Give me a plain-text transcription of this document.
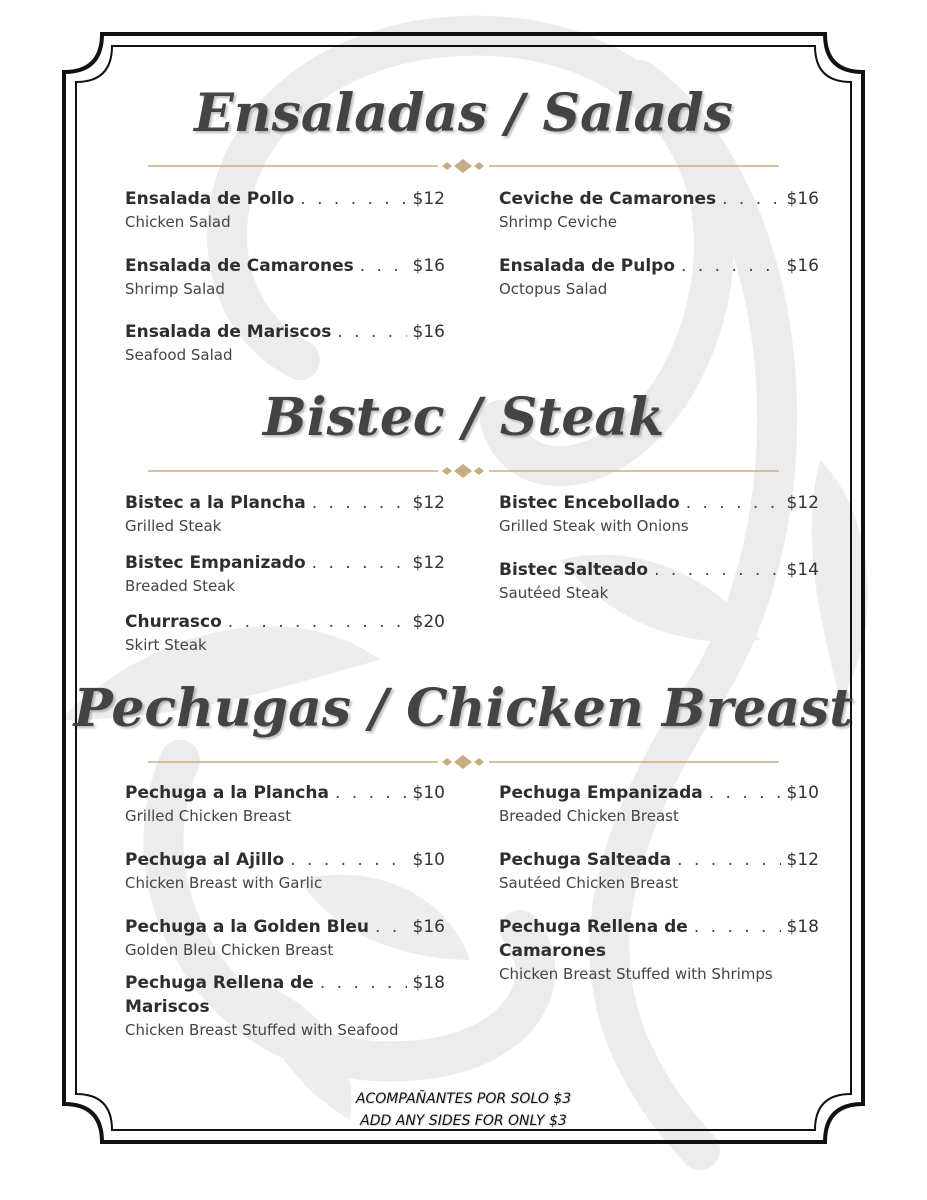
Ensaladas / Salads
Ensalada de Pollo . . .	$12
Chicken Salad
Ceviche de Camarones . . .	$16
Shrimp Ceviche
Ensalada de Camarones . . .	$16
Shrimp Salad
Ensalada de Pulpo . . .	$16
Octopus Salad
Ensalada de Mariscos . . .	$16
Seafood Salad
Bistec / Steak
Bistec a la Plancha . . .	$12
Grilled Steak
Bistec Encebollado . . .	$12
Grilled Steak with Onions
Bistec Empanizado . . .	$12
Breaded Steak
Bistec Salteado . . .	$14
Sautéed Steak
Churrasco . . .	$20
Skirt Steak
Pechugas / Chicken Breast
Pechuga a la Plancha . . .	$10
Grilled Chicken Breast
Pechuga Empanizada . . .	$10
Breaded Chicken Breast
Pechuga al Ajillo . . .	$10
Chicken Breast with Garlic
Pechuga Salteada . . .	$12
Sautéed Chicken Breast
Pechuga a la Golden Bleu . . .	$16
Golden Bleu Chicken Breast
Pechuga Rellena de . . .	$18
Camarones
Chicken Breast Stuffed with Shrimps
Pechuga Rellena de . . .	$18
Mariscos
Chicken Breast Stuffed with Seafood
ACOMPAÑANTES POR SOLO $3
ADD ANY SIDES FOR ONLY $3
